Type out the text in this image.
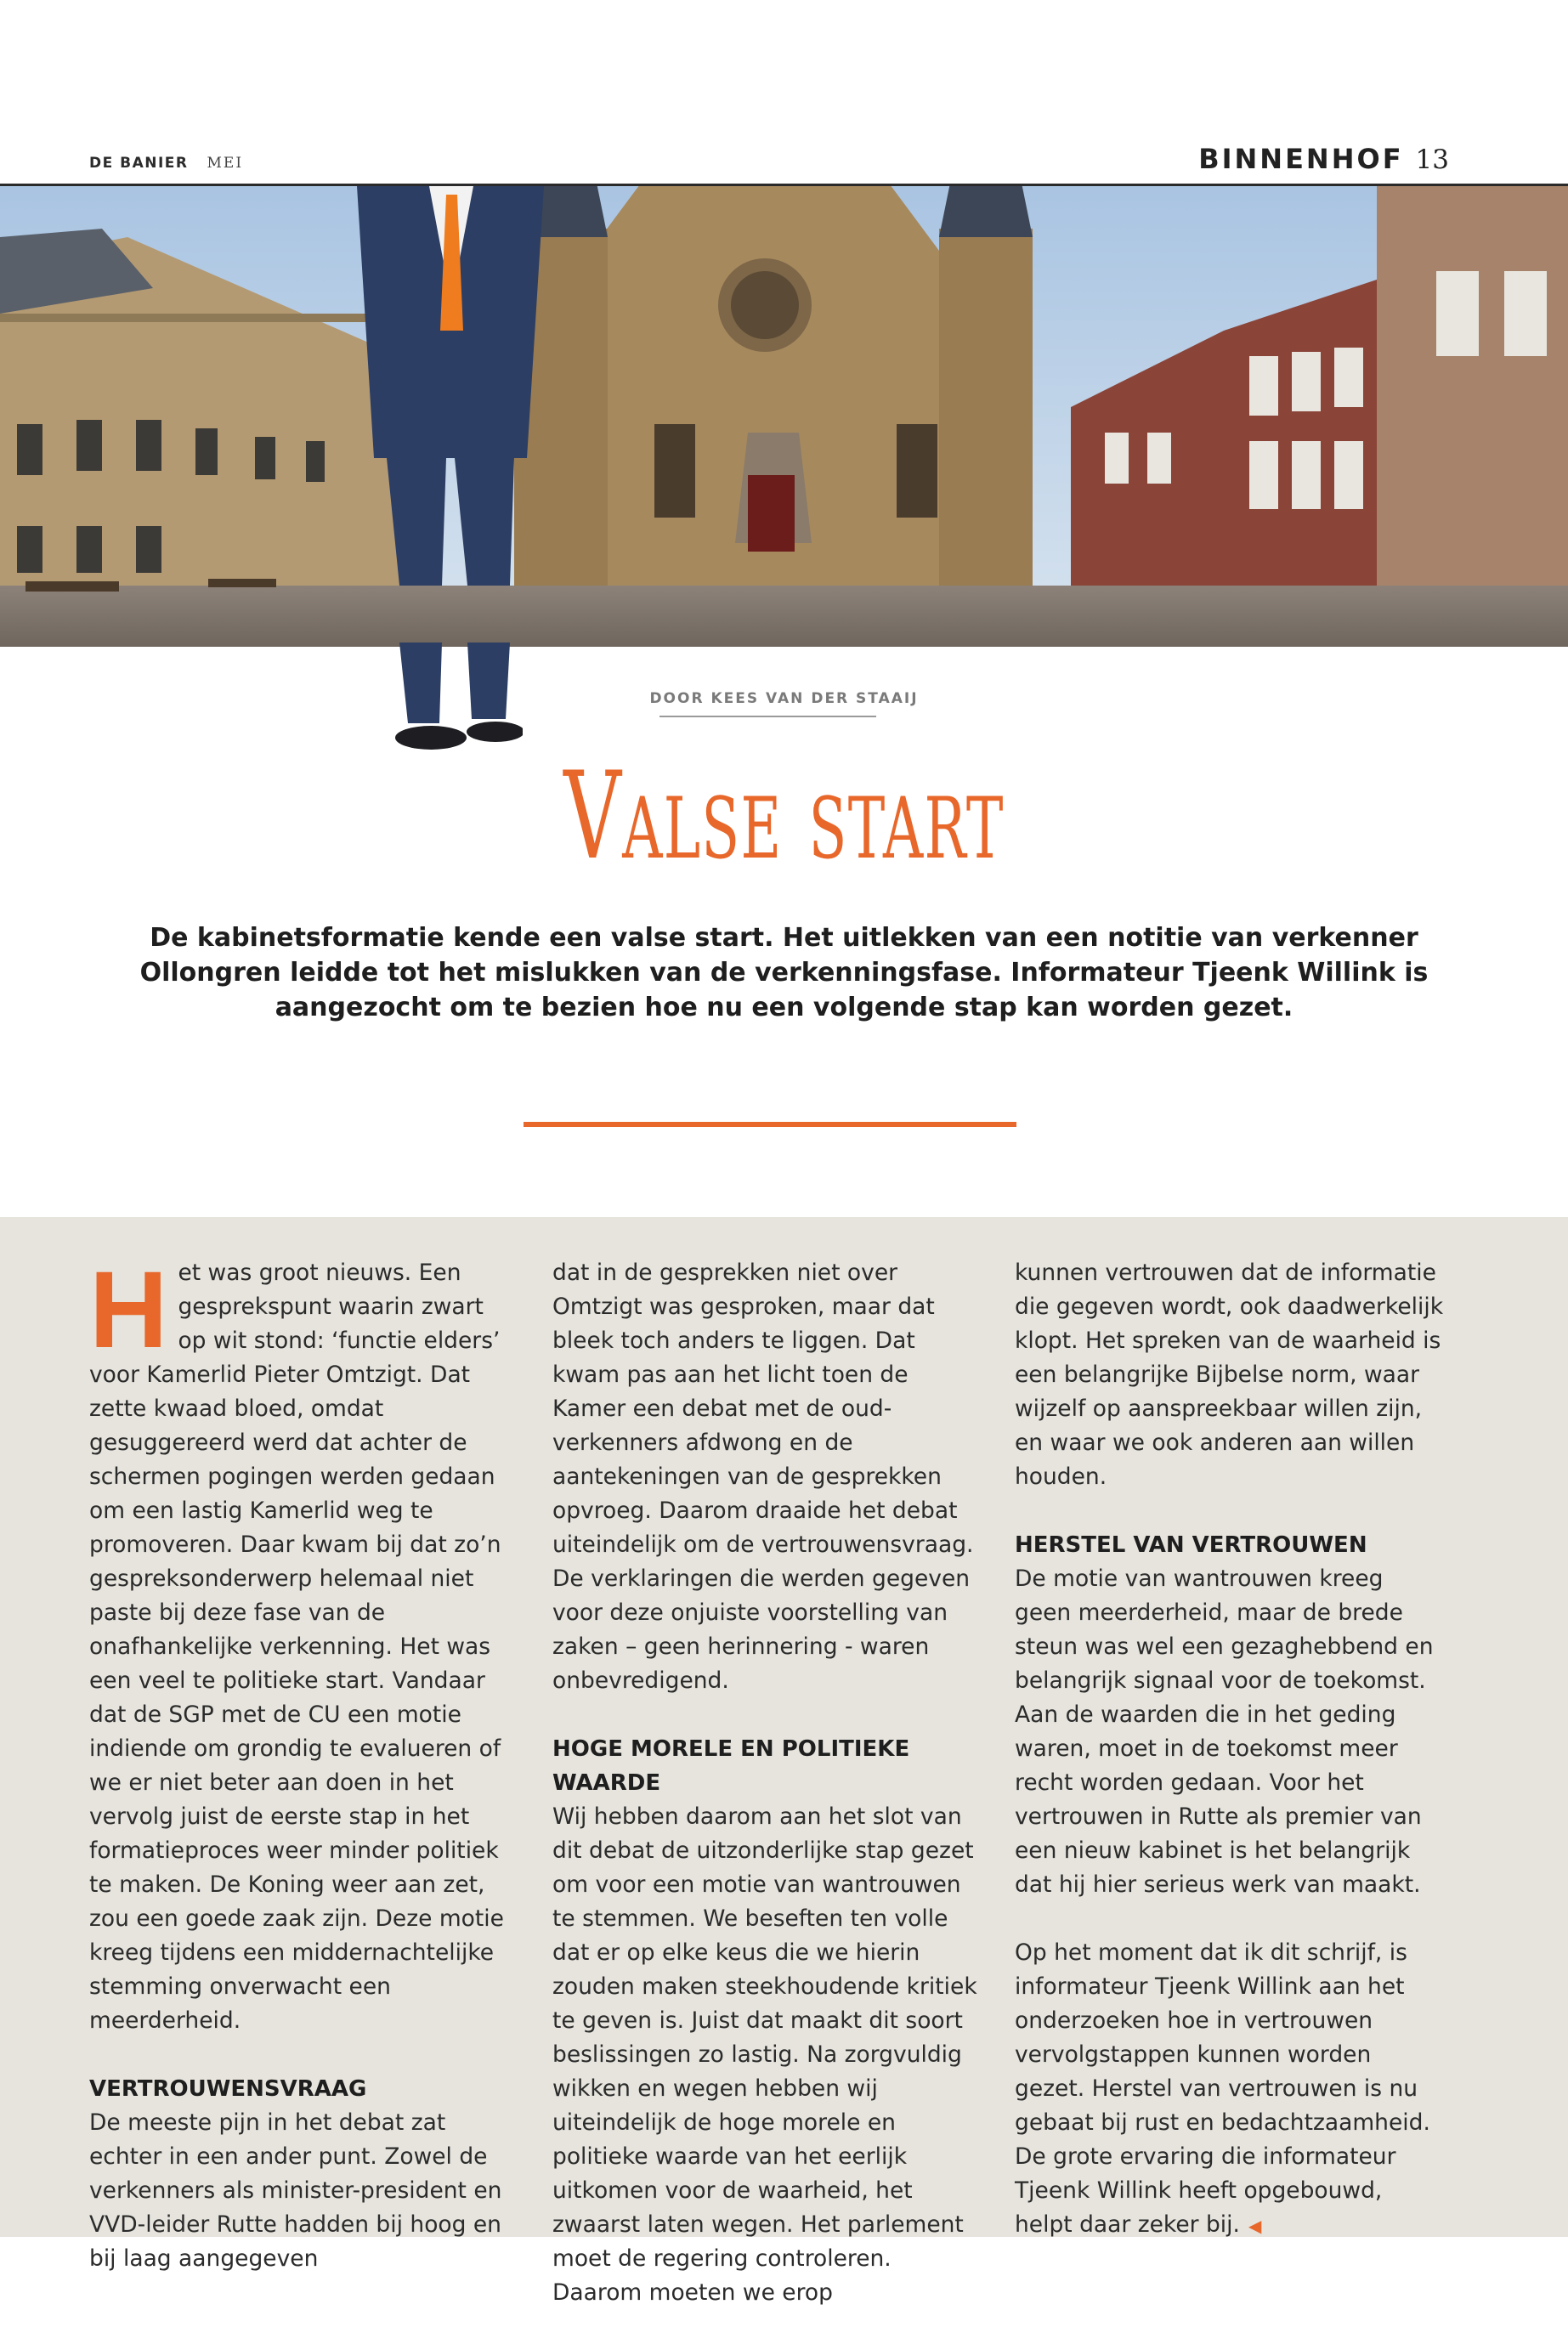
DE BANIER MEI	BINNENHOF 13
DOOR KEES VAN DER STAAIJ
Valse start
De kabinetsformatie kende een valse start. Het uitlekken van een notitie van verkenner Ollongren leidde tot het mislukken van de verkenningsfase. Informateur Tjeenk Willink is aangezocht om te bezien hoe nu een volgende stap kan worden gezet.

Het was groot nieuws. Een gesprekspunt waarin zwart op wit stond: ‘functie elders’ voor Kamerlid Pieter Omtzigt. Dat zette kwaad bloed, omdat gesuggereerd werd dat achter de schermen pogingen werden gedaan om een lastig Kamerlid weg te promoveren. Daar kwam bij dat zo’n gespreksonderwerp helemaal niet paste bij deze fase van de onafhankelijke verkenning. Het was een veel te politieke start. Vandaar dat de SGP met de CU een motie indiende om grondig te evalueren of we er niet beter aan doen in het vervolg juist de eerste stap in het formatieproces weer minder politiek te maken. De Koning weer aan zet, zou een goede zaak zijn. Deze motie kreeg tijdens een middernachtelijke stemming onverwacht een meerderheid.

VERTROUWENSVRAAG

De meeste pijn in het debat zat echter in een ander punt. Zowel de verkenners als minister-president en VVD-leider Rutte hadden bij hoog en bij laag aangegeven

dat in de gesprekken niet over Omtzigt was gesproken, maar dat bleek toch anders te liggen. Dat kwam pas aan het licht toen de Kamer een debat met de oud-verkenners afdwong en de aantekeningen van de gesprekken opvroeg. Daarom draaide het debat uiteindelijk om de vertrouwensvraag. De verklaringen die werden gegeven voor deze onjuiste voorstelling van zaken – geen herinnering - waren onbevredigend.

HOGE MORELE EN POLITIEKE WAARDE

Wij hebben daarom aan het slot van dit debat de uitzonderlijke stap gezet om voor een motie van wantrouwen te stemmen. We beseften ten volle dat er op elke keus die we hierin zouden maken steekhoudende kritiek te geven is. Juist dat maakt dit soort beslissingen zo lastig. Na zorgvuldig wikken en wegen hebben wij uiteindelijk de hoge morele en politieke waarde van het eerlijk uitkomen voor de waarheid, het zwaarst laten wegen. Het parlement moet de regering controleren. Daarom moeten we erop

kunnen vertrouwen dat de informatie die gegeven wordt, ook daadwerkelijk klopt. Het spreken van de waarheid is een belangrijke Bijbelse norm, waar wijzelf op aanspreekbaar willen zijn, en waar we ook anderen aan willen houden.

HERSTEL VAN VERTROUWEN

De motie van wantrouwen kreeg geen meerderheid, maar de brede steun was wel een gezaghebbend en belangrijk signaal voor de toekomst. Aan de waarden die in het geding waren, moet in de toekomst meer recht worden gedaan. Voor het vertrouwen in Rutte als premier van een nieuw kabinet is het belangrijk dat hij hier serieus werk van maakt.

Op het moment dat ik dit schrijf, is informateur Tjeenk Willink aan het onderzoeken hoe in vertrouwen vervolgstappen kunnen worden gezet. Herstel van vertrouwen is nu gebaat bij rust en bedachtzaamheid. De grote ervaring die informateur Tjeenk Willink heeft opgebouwd, helpt daar zeker bij. ◀
